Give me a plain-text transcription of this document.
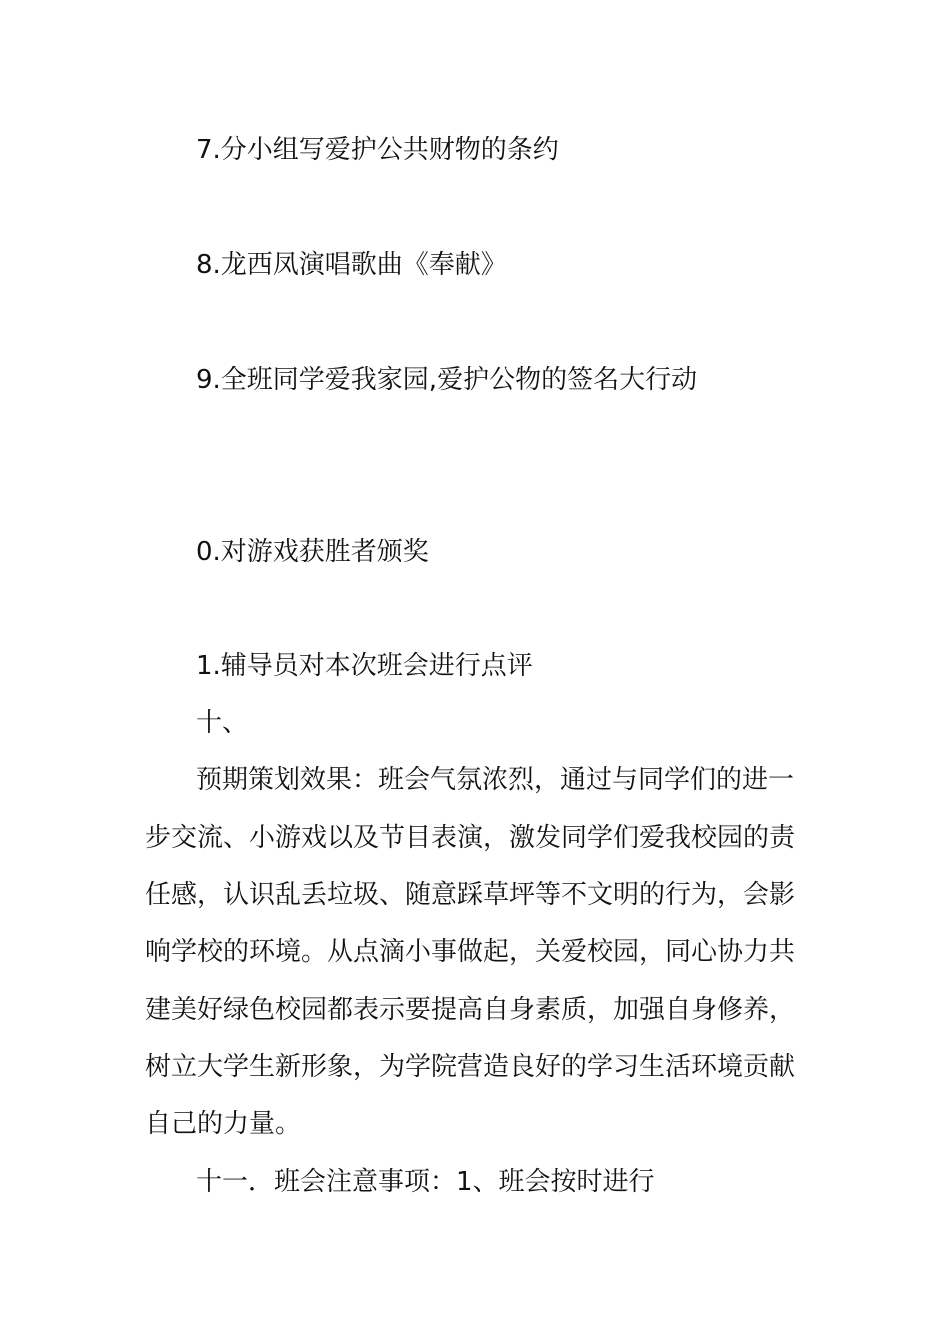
7.分小组写爱护公共财物的条约
8.龙西凤演唱歌曲《奉献》
9.全班同学爱我家园,爱护公物的签名大行动
0.对游戏获胜者颁奖
1.辅导员对本次班会进行点评
十、
预期策划效果：班会气氛浓烈，通过与同学们的进一
步交流、小游戏以及节目表演，激发同学们爱我校园的责
任感，认识乱丢垃圾、随意踩草坪等不文明的行为，会影
响学校的环境。从点滴小事做起，关爱校园，同心协力共
建美好绿色校园都表示要提高自身素质，加强自身修养，
树立大学生新形象，为学院营造良好的学习生活环境贡献
自己的力量。
十一．班会注意事项：1、班会按时进行
